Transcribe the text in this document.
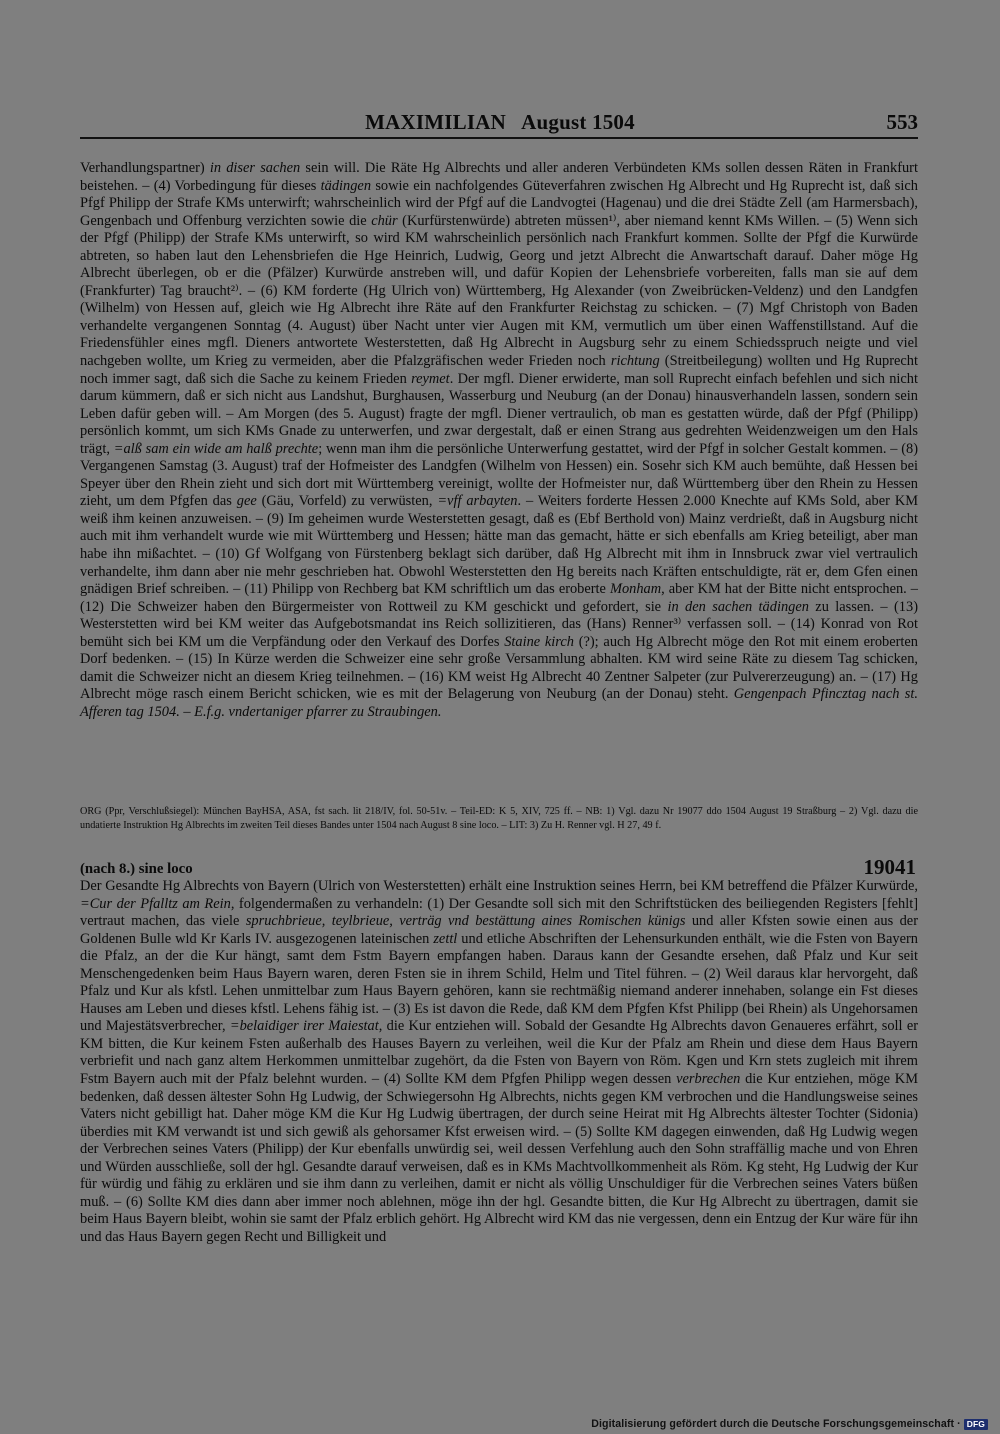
MAXIMILIAN   August 1504	553

Verhandlungspartner) in diser sachen sein will. Die Räte Hg Albrechts und aller anderen Verbündeten KMs sollen dessen Räten in Frankfurt beistehen. – (4) Vorbedingung für dieses tädingen sowie ein nachfolgendes Güteverfahren zwischen Hg Albrecht und Hg Ruprecht ist, daß sich Pfgf Philipp der Strafe KMs unterwirft; wahrscheinlich wird der Pfgf auf die Landvogtei (Hagenau) und die drei Städte Zell (am Harmersbach), Gengenbach und Offenburg verzichten sowie die chür (Kurfürstenwürde) abtreten müssen¹⁾, aber niemand kennt KMs Willen. – (5) Wenn sich der Pfgf (Philipp) der Strafe KMs unterwirft, so wird KM wahrscheinlich persönlich nach Frankfurt kommen. Sollte der Pfgf die Kurwürde abtreten, so haben laut den Lehensbriefen die Hge Heinrich, Ludwig, Georg und jetzt Albrecht die Anwartschaft darauf. Daher möge Hg Albrecht überlegen, ob er die (Pfälzer) Kurwürde anstreben will, und dafür Kopien der Lehensbriefe vorbereiten, falls man sie auf dem (Frankfurter) Tag braucht²⁾. – (6) KM forderte (Hg Ulrich von) Württemberg, Hg Alexander (von Zweibrücken-Veldenz) und den Landgfen (Wilhelm) von Hessen auf, gleich wie Hg Albrecht ihre Räte auf den Frankfurter Reichstag zu schicken. – (7) Mgf Christoph von Baden verhandelte vergangenen Sonntag (4. August) über Nacht unter vier Augen mit KM, vermutlich um über einen Waffenstillstand. Auf die Friedensfühler eines mgfl. Dieners antwortete Westerstetten, daß Hg Albrecht in Augsburg sehr zu einem Schiedsspruch neigte und viel nachgeben wollte, um Krieg zu vermeiden, aber die Pfalzgräfischen weder Frieden noch richtung (Streitbeilegung) wollten und Hg Ruprecht noch immer sagt, daß sich die Sache zu keinem Frieden reymet. Der mgfl. Diener erwiderte, man soll Ruprecht einfach befehlen und sich nicht darum kümmern, daß er sich nicht aus Landshut, Burghausen, Wasserburg und Neuburg (an der Donau) hinausverhandeln lassen, sondern sein Leben dafür geben will. – Am Morgen (des 5. August) fragte der mgfl. Diener vertraulich, ob man es gestatten würde, daß der Pfgf (Philipp) persönlich kommt, um sich KMs Gnade zu unterwerfen, und zwar dergestalt, daß er einen Strang aus gedrehten Weidenzweigen um den Hals trägt, =alß sam ein wide am halß prechte; wenn man ihm die persönliche Unterwerfung gestattet, wird der Pfgf in solcher Gestalt kommen. – (8) Vergangenen Samstag (3. August) traf der Hofmeister des Landgfen (Wilhelm von Hessen) ein. Sosehr sich KM auch bemühte, daß Hessen bei Speyer über den Rhein zieht und sich dort mit Württemberg vereinigt, wollte der Hofmeister nur, daß Württemberg über den Rhein zu Hessen zieht, um dem Pfgfen das gee (Gäu, Vorfeld) zu verwüsten, =vff arbayten. – Weiters forderte Hessen 2.000 Knechte auf KMs Sold, aber KM weiß ihm keinen anzuweisen. – (9) Im geheimen wurde Westerstetten gesagt, daß es (Ebf Berthold von) Mainz verdrießt, daß in Augsburg nicht auch mit ihm verhandelt wurde wie mit Württemberg und Hessen; hätte man das gemacht, hätte er sich ebenfalls am Krieg beteiligt, aber man habe ihn mißachtet. – (10) Gf Wolfgang von Fürstenberg beklagt sich darüber, daß Hg Albrecht mit ihm in Innsbruck zwar viel vertraulich verhandelte, ihm dann aber nie mehr geschrieben hat. Obwohl Westerstetten den Hg bereits nach Kräften entschuldigte, rät er, dem Gfen einen gnädigen Brief schreiben. – (11) Philipp von Rechberg bat KM schriftlich um das eroberte Monham, aber KM hat der Bitte nicht entsprochen. – (12) Die Schweizer haben den Bürgermeister von Rottweil zu KM geschickt und gefordert, sie in den sachen tädingen zu lassen. – (13) Westerstetten wird bei KM weiter das Aufgebotsmandat ins Reich sollizitieren, das (Hans) Renner³⁾ verfassen soll. – (14) Konrad von Rot bemüht sich bei KM um die Verpfändung oder den Verkauf des Dorfes Staine kirch (?); auch Hg Albrecht möge den Rot mit einem eroberten Dorf bedenken. – (15) In Kürze werden die Schweizer eine sehr große Versammlung abhalten. KM wird seine Räte zu diesem Tag schicken, damit die Schweizer nicht an diesem Krieg teilnehmen. – (16) KM weist Hg Albrecht 40 Zentner Salpeter (zur Pulvererzeugung) an. – (17) Hg Albrecht möge rasch einem Bericht schicken, wie es mit der Belagerung von Neuburg (an der Donau) steht. Gengenpach Pfincztag nach st. Afferen tag 1504. – E.f.g. vndertaniger pfarrer zu Straubingen.

ORG (Ppr, Verschlußsiegel): München BayHSA, ASA, fst sach. lit 218/IV, fol. 50-51v. – Teil-ED: K 5, XIV, 725 ff. – NB: 1) Vgl. dazu Nr 19077 ddo 1504 August 19 Straßburg – 2) Vgl. dazu die undatierte Instruktion Hg Albrechts im zweiten Teil dieses Bandes unter 1504 nach August 8 sine loco. – LIT: 3) Zu H. Renner vgl. H 27, 49 f.

(nach 8.) sine loco	19041

Der Gesandte Hg Albrechts von Bayern (Ulrich von Westerstetten) erhält eine Instruktion seines Herrn, bei KM betreffend die Pfälzer Kurwürde, =Cur der Pfalltz am Rein, folgendermaßen zu verhandeln: (1) Der Gesandte soll sich mit den Schriftstücken des beiliegenden Registers [fehlt] vertraut machen, das viele spruchbrieue, teylbrieue, verträg vnd bestättung aines Romischen künigs und aller Kfsten sowie einen aus der Goldenen Bulle wld Kr Karls IV. ausgezogenen lateinischen zettl und etliche Abschriften der Lehensurkunden enthält, wie die Fsten von Bayern die Pfalz, an der die Kur hängt, samt dem Fstm Bayern empfangen haben. Daraus kann der Gesandte ersehen, daß Pfalz und Kur seit Menschengedenken beim Haus Bayern waren, deren Fsten sie in ihrem Schild, Helm und Titel führen. – (2) Weil daraus klar hervorgeht, daß Pfalz und Kur als kfstl. Lehen unmittelbar zum Haus Bayern gehören, kann sie rechtmäßig niemand anderer innehaben, solange ein Fst dieses Hauses am Leben und dieses kfstl. Lehens fähig ist. – (3) Es ist davon die Rede, daß KM dem Pfgfen Kfst Philipp (bei Rhein) als Ungehorsamen und Majestätsverbrecher, =belaidiger irer Maiestat, die Kur entziehen will. Sobald der Gesandte Hg Albrechts davon Genaueres erfährt, soll er KM bitten, die Kur keinem Fsten außerhalb des Hauses Bayern zu verleihen, weil die Kur der Pfalz am Rhein und diese dem Haus Bayern verbriefit und nach ganz altem Herkommen unmittelbar zugehört, da die Fsten von Bayern von Röm. Kgen und Krn stets zugleich mit ihrem Fstm Bayern auch mit der Pfalz belehnt wurden. – (4) Sollte KM dem Pfgfen Philipp wegen dessen verbrechen die Kur entziehen, möge KM bedenken, daß dessen ältester Sohn Hg Ludwig, der Schwiegersohn Hg Albrechts, nichts gegen KM verbrochen und die Handlungsweise seines Vaters nicht gebilligt hat. Daher möge KM die Kur Hg Ludwig übertragen, der durch seine Heirat mit Hg Albrechts ältester Tochter (Sidonia) überdies mit KM verwandt ist und sich gewiß als gehorsamer Kfst erweisen wird. – (5) Sollte KM dagegen einwenden, daß Hg Ludwig wegen der Verbrechen seines Vaters (Philipp) der Kur ebenfalls unwürdig sei, weil dessen Verfehlung auch den Sohn straffällig mache und von Ehren und Würden ausschließe, soll der hgl. Gesandte darauf verweisen, daß es in KMs Machtvollkommenheit als Röm. Kg steht, Hg Ludwig der Kur für würdig und fähig zu erklären und sie ihm dann zu verleihen, damit er nicht als völlig Unschuldiger für die Verbrechen seines Vaters büßen muß. – (6) Sollte KM dies dann aber immer noch ablehnen, möge ihn der hgl. Gesandte bitten, die Kur Hg Albrecht zu übertragen, damit sie beim Haus Bayern bleibt, wohin sie samt der Pfalz erblich gehört. Hg Albrecht wird KM das nie vergessen, denn ein Entzug der Kur wäre für ihn und das Haus Bayern gegen Recht und Billigkeit und

Digitalisierung gefördert durch die Deutsche Forschungsgemeinschaft · DFG
